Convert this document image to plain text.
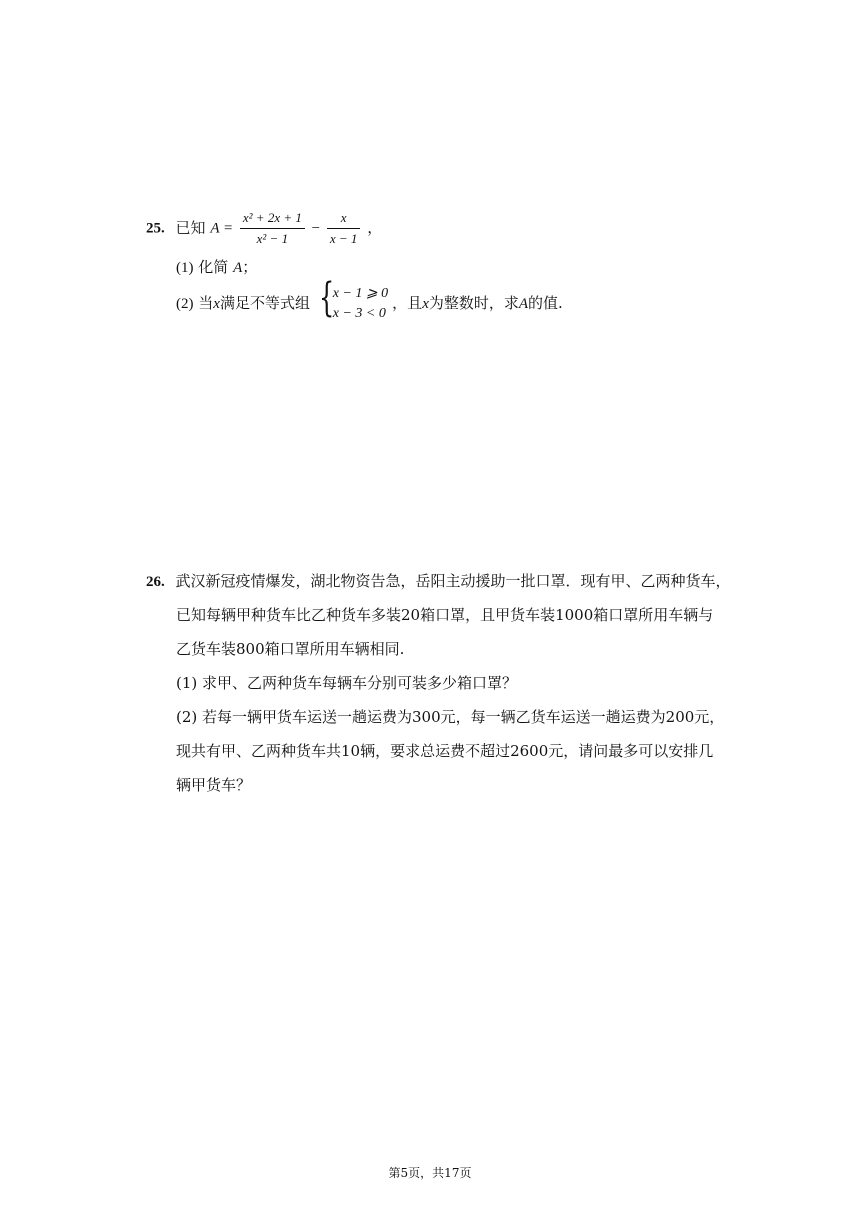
25. 已知 $A = \frac{\text{x² + 2x + 1}}{\text{x² − 1}} - \frac{x}{x - 1}$ ，
(1) 化简 A；
(2) 当x满足不等式组 {
x − 1 ⩾ 0
x − 3 < 0
，且x为整数时，求A的值.
26. 武汉新冠疫情爆发，湖北物资告急，岳阳主动援助一批口罩．现有甲、乙两种货车，
已知每辆甲种货车比乙种货车多装20箱口罩，且甲货车装1000箱口罩所用车辆与
乙货车装800箱口罩所用车辆相同.
(1) 求甲、乙两种货车每辆车分别可装多少箱口罩？
(2) 若每一辆甲货车运送一趟运费为300元，每一辆乙货车运送一趟运费为200元，
现共有甲、乙两种货车共10辆，要求总运费不超过2600元，请问最多可以安排几
辆甲货车？
第5页，共17页
